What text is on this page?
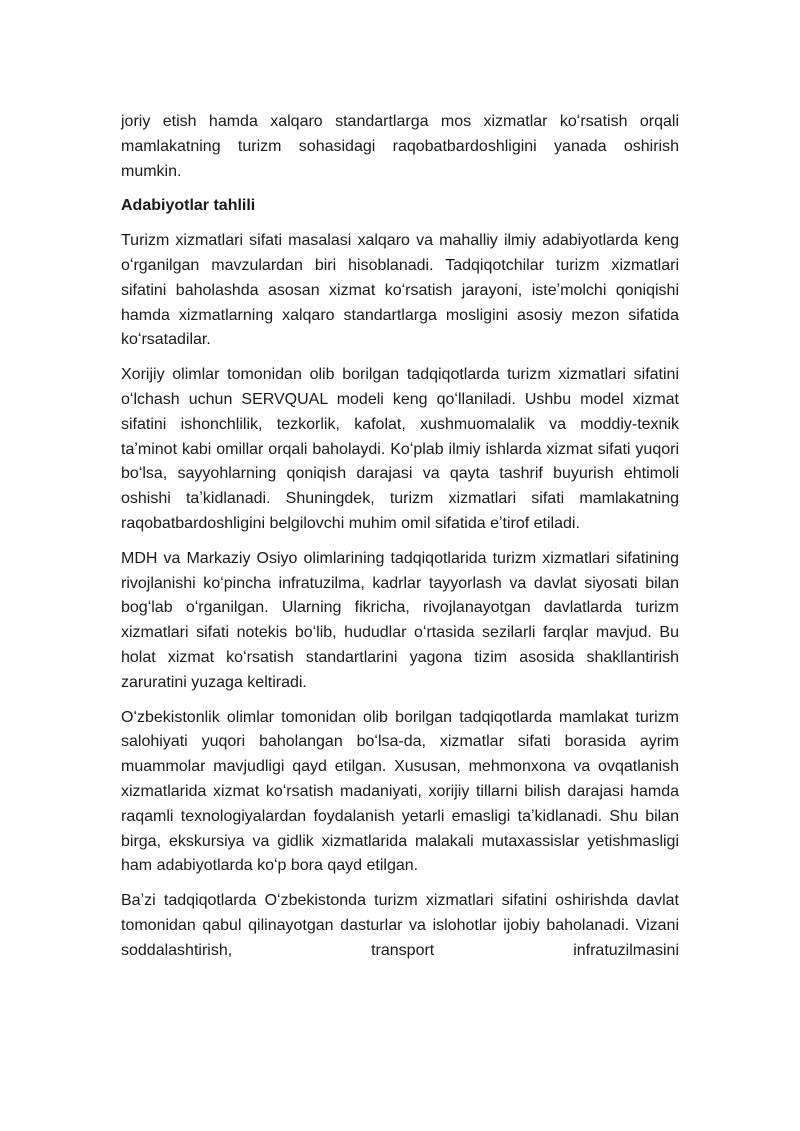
joriy etish hamda xalqaro standartlarga mos xizmatlar koʻrsatish orqali mamlakatning turizm sohasidagi raqobatbardoshligini yanada oshirish mumkin.

Adabiyotlar tahlili

Turizm xizmatlari sifati masalasi xalqaro va mahalliy ilmiy adabiyotlarda keng oʻrganilgan mavzulardan biri hisoblanadi. Tadqiqotchilar turizm xizmatlari sifatini baholashda asosan xizmat koʻrsatish jarayoni, isteʼmolchi qoniqishi hamda xizmatlarning xalqaro standartlarga mosligini asosiy mezon sifatida koʻrsatadilar.

Xorijiy olimlar tomonidan olib borilgan tadqiqotlarda turizm xizmatlari sifatini oʻlchash uchun SERVQUAL modeli keng qoʻllaniladi. Ushbu model xizmat sifatini ishonchlilik, tezkorlik, kafolat, xushmuomalalik va moddiy-texnik taʼminot kabi omillar orqali baholaydi. Koʻplab ilmiy ishlarda xizmat sifati yuqori boʻlsa, sayyohlarning qoniqish darajasi va qayta tashrif buyurish ehtimoli oshishi taʼkidlanadi. Shuningdek, turizm xizmatlari sifati mamlakatning raqobatbardoshligini belgilovchi muhim omil sifatida eʼtirof etiladi.

MDH va Markaziy Osiyo olimlarining tadqiqotlarida turizm xizmatlari sifatining rivojlanishi koʻpincha infratuzilma, kadrlar tayyorlash va davlat siyosati bilan bogʻlab oʻrganilgan. Ularning fikricha, rivojlanayotgan davlatlarda turizm xizmatlari sifati notekis boʻlib, hududlar oʻrtasida sezilarli farqlar mavjud. Bu holat xizmat koʻrsatish standartlarini yagona tizim asosida shakllantirish zaruratini yuzaga keltiradi.

Oʻzbekistonlik olimlar tomonidan olib borilgan tadqiqotlarda mamlakat turizm salohiyati yuqori baholangan boʻlsa-da, xizmatlar sifati borasida ayrim muammolar mavjudligi qayd etilgan. Xususan, mehmonxona va ovqatlanish xizmatlarida xizmat koʻrsatish madaniyati, xorijiy tillarni bilish darajasi hamda raqamli texnologiyalardan foydalanish yetarli emasligi taʼkidlanadi. Shu bilan birga, ekskursiya va gidlik xizmatlarida malakali mutaxassislar yetishmasligi ham adabiyotlarda koʻp bora qayd etilgan.

Baʼzi tadqiqotlarda Oʻzbekistonda turizm xizmatlari sifatini oshirishda davlat tomonidan qabul qilinayotgan dasturlar va islohotlar ijobiy baholanadi. Vizani soddalashtirish, transport infratuzilmasini
